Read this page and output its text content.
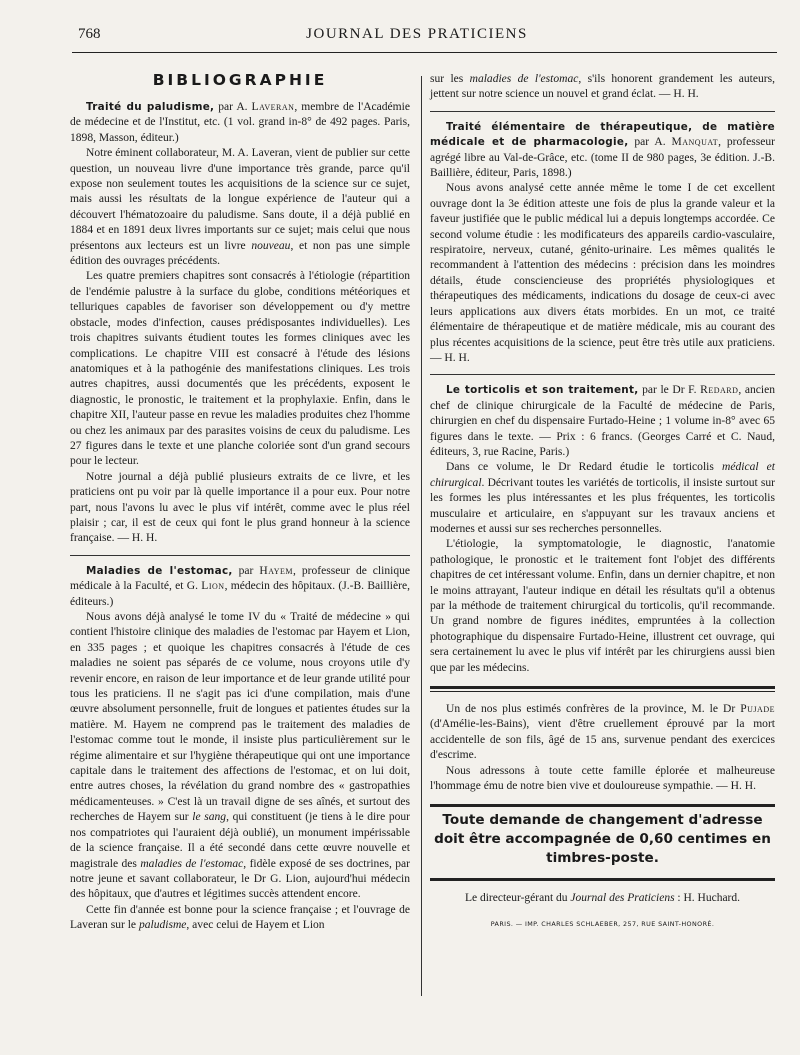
768	JOURNAL DES PRATICIENS
BIBLIOGRAPHIE

Traité du paludisme, par A. Laveran, membre de l'Académie de médecine et de l'Institut, etc. (1 vol. grand in-8° de 492 pages. Paris, 1898, Masson, éditeur.)

Notre éminent collaborateur, M. A. Laveran, vient de publier sur cette question, un nouveau livre d'une importance très grande, parce qu'il expose non seulement toutes les acquisitions de la science sur ce sujet, mais aussi les résultats de la longue expérience de l'auteur qui a découvert l'hématozoaire du paludisme. Sans doute, il a déjà publié en 1884 et en 1891 deux livres importants sur ce sujet; mais celui que nous présentons aux lecteurs est un livre nouveau, et non pas une simple édition des ouvrages précédents.

Les quatre premiers chapitres sont consacrés à l'étiologie (répartition de l'endémie palustre à la surface du globe, conditions météoriques et telluriques capables de favoriser son développement ou d'y mettre obstacle, modes d'infection, causes prédisposantes individuelles). Les trois chapitres suivants étudient toutes les formes cliniques avec les complications. Le chapitre VIII est consacré à l'étude des lésions anatomiques et à la pathogénie des manifestations cliniques. Les trois autres chapitres, aussi documentés que les précédents, exposent le diagnostic, le pronostic, le traitement et la prophylaxie. Enfin, dans le chapitre XII, l'auteur passe en revue les maladies produites chez l'homme ou chez les animaux par des parasites voisins de ceux du paludisme. Les 27 figures dans le texte et une planche coloriée sont d'un grand secours pour le lecteur.

Notre journal a déjà publié plusieurs extraits de ce livre, et les praticiens ont pu voir par là quelle importance il a pour eux. Pour notre part, nous l'avons lu avec le plus vif intérêt, comme avec le plus réel plaisir ; car, il est de ceux qui font le plus grand honneur à la science française. — H. H.

Maladies de l'estomac, par Hayem, professeur de clinique médicale à la Faculté, et G. Lion, médecin des hôpitaux. (J.-B. Baillière, éditeurs.)

Nous avons déjà analysé le tome IV du « Traité de médecine » qui contient l'histoire clinique des maladies de l'estomac par Hayem et Lion, en 335 pages ; et quoique les chapitres consacrés à l'étude de ces maladies ne soient pas séparés de ce volume, nous croyons utile d'y revenir encore, en raison de leur importance et de leur grande utilité pour tous les praticiens. Il ne s'agit pas ici d'une compilation, mais d'une œuvre absolument personnelle, fruit de longues et patientes études sur la matière. M. Hayem ne comprend pas le traitement des maladies de l'estomac comme tout le monde, il insiste plus particulièrement sur le régime alimentaire et sur l'hygiène thérapeutique qui ont une importance capitale dans le traitement des affections de l'estomac, et on lui doit, entre autres choses, la révélation du grand nombre des « gastropathies médicamenteuses. » C'est là un travail digne de ses aînés, et surtout des recherches de Hayem sur le sang, qui constituent (je tiens à le dire pour nos compatriotes qui l'auraient déjà oublié), un monument impérissable de la science française. Il a été secondé dans cette œuvre nouvelle et magistrale des maladies de l'estomac, fidèle exposé de ses doctrines, par notre jeune et savant collaborateur, le Dr G. Lion, aujourd'hui médecin des hôpitaux, que d'autres et légitimes succès attendent encore.

Cette fin d'année est bonne pour la science française ; et l'ouvrage de Laveran sur le paludisme, avec celui de Hayem et Lion

sur les maladies de l'estomac, s'ils honorent grandement les auteurs, jettent sur notre science un nouvel et grand éclat. — H. H.

Traité élémentaire de thérapeutique, de matière médicale et de pharmacologie, par A. Manquat, professeur agrégé libre au Val-de-Grâce, etc. (tome II de 980 pages, 3e édition. J.-B. Baillière, éditeur, Paris, 1898.)

Nous avons analysé cette année même le tome I de cet excellent ouvrage dont la 3e édition atteste une fois de plus la grande valeur et la faveur justifiée que le public médical lui a depuis longtemps accordée. Ce second volume étudie : les modificateurs des appareils cardio-vasculaire, respiratoire, nerveux, cutané, génito-urinaire. Les mêmes qualités le recommandent à l'attention des médecins : précision dans les moindres détails, étude consciencieuse des propriétés physiologiques et thérapeutiques des médicaments, indications du dosage de ceux-ci avec leurs applications aux divers états morbides. En un mot, ce traité élémentaire de thérapeutique et de matière médicale, mis au courant des plus récentes acquisitions de la science, peut être très utile aux praticiens. — H. H.

Le torticolis et son traitement, par le Dr F. Redard, ancien chef de clinique chirurgicale de la Faculté de médecine de Paris, chirurgien en chef du dispensaire Furtado-Heine ; 1 volume in-8° avec 65 figures dans le texte. — Prix : 6 francs. (Georges Carré et C. Naud, éditeurs, 3, rue Racine, Paris.)

Dans ce volume, le Dr Redard étudie le torticolis médical et chirurgical. Décrivant toutes les variétés de torticolis, il insiste surtout sur les formes les plus intéressantes et les plus fréquentes, les torticolis musculaire et articulaire, en s'appuyant sur les travaux anciens et modernes et aussi sur ses recherches personnelles.

L'étiologie, la symptomatologie, le diagnostic, l'anatomie pathologique, le pronostic et le traitement font l'objet des différents chapitres de cet intéressant volume. Enfin, dans un dernier chapitre, et non le moins attrayant, l'auteur indique en détail les résultats qu'il a obtenus par la méthode de traitement chirurgical du torticolis, qu'il recommande. Un grand nombre de figures inédites, empruntées à la collection photographique du dispensaire Furtado-Heine, illustrent cet ouvrage, qui sera certainement lu avec le plus vif intérêt par les chirurgiens aussi bien que par les médecins.

Un de nos plus estimés confrères de la province, M. le Dr Pujade (d'Amélie-les-Bains), vient d'être cruellement éprouvé par la mort accidentelle de son fils, âgé de 15 ans, survenue pendant des exercices d'escrime.

Nous adressons à toute cette famille éplorée et malheureuse l'hommage ému de notre bien vive et douloureuse sympathie. — H. H.

Toute demande de changement d'adresse doit être accompagnée de 0,60 centimes en timbres-poste.
Le directeur-gérant du Journal des Praticiens : H. Huchard.
PARIS. — IMP. CHARLES SCHLAEBER, 257, RUE SAINT-HONORÉ.
